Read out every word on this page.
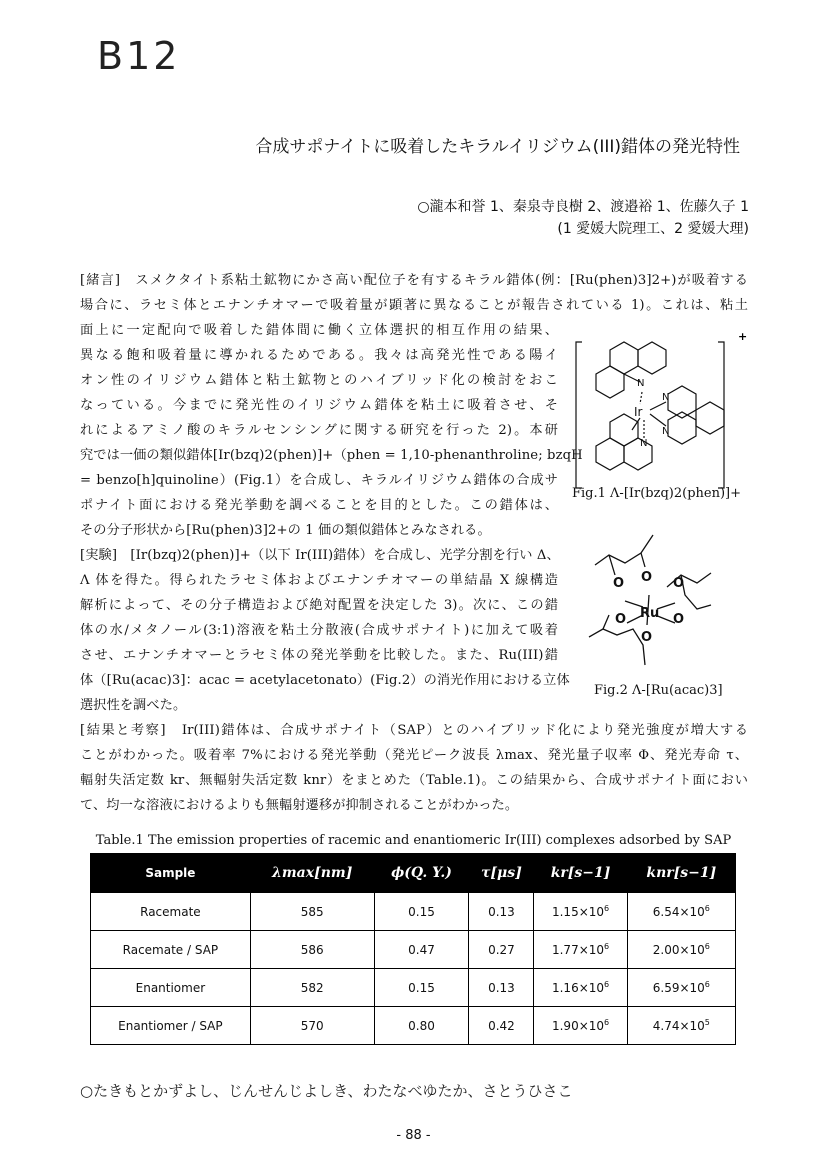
B12
合成サポナイトに吸着したキラルイリジウム(III)錯体の発光特性
○瀧本和誉 1、秦泉寺良樹 2、渡邉裕 1、佐藤久子 1
(1 愛媛大院理工、2 愛媛大理)
[緒言]　スメクタイト系粘土鉱物にかさ高い配位子を有するキラル錯体(例：[Ru(phen)3]2+)が吸着する
場合に、ラセミ体とエナンチオマーで吸着量が顕著に異なることが報告されている 1)。これは、粘土
面上に一定配向で吸着した錯体間に働く立体選択的相互作用の結果、
異なる飽和吸着量に導かれるためである。我々は高発光性である陽イ
オン性のイリジウム錯体と粘土鉱物とのハイブリッド化の検討をおこ
なっている。今までに発光性のイリジウム錯体を粘土に吸着させ、そ
れによるアミノ酸のキラルセンシングに関する研究を行った 2)。本研
究では一価の類似錯体[Ir(bzq)2(phen)]+（phen = 1,10-phenanthroline; bzqH
= benzo[h]quinoline）(Fig.1）を合成し、キラルイリジウム錯体の合成サ
ポナイト面における発光挙動を調べることを目的とした。この錯体は、
その分子形状から[Ru(phen)3]2+の 1 価の類似錯体とみなされる。
[実験]　[Ir(bzq)2(phen)]+（以下 Ir(III)錯体）を合成し、光学分割を行い Δ、
Λ 体を得た。得られたラセミ体およびエナンチオマーの単結晶 X 線構造
解析によって、その分子構造および絶対配置を決定した 3)。次に、この錯
体の水/メタノール(3:1)溶液を粘土分散液(合成サポナイト)に加えて吸着
させ、エナンチオマーとラセミ体の発光挙動を比較した。また、Ru(III)錯
体（[Ru(acac)3]：acac = acetylacetonato）(Fig.2）の消光作用における立体
選択性を調べた。
[結果と考察]　Ir(III)錯体は、合成サポナイト（SAP）とのハイブリッド化により発光強度が増大する
ことがわかった。吸着率 7%における発光挙動（発光ピーク波長 λmax、発光量子収率 Φ、発光寿命 τ、
輻射失活定数 kr、無輻射失活定数 knr）をまとめた（Table.1)。この結果から、合成サポナイト面におい
て、均一な溶液におけるよりも無輻射遷移が抑制されることがわかった。
+
Ir
N
N
N
N
Fig.1 Λ-[Ir(bzq)2(phen)]+
Ru
O
O	O
O
O
O
Fig.2 Λ-[Ru(acac)3]
Table.1 The emission properties of racemic and enantiomeric Ir(III) complexes adsorbed by SAP
Sample	λmax[nm]	ϕ(Q. Y.)	τ[μs]	kr[s−1]	knr[s−1]
Racemate	585	0.15	0.13	$1.15\times 10^6$	$6.54\times 10^6$
Racemate / SAP	586	0.47	0.27	$1.77\times 10^6$	$2.00\times 10^6$
Enantiomer	582	0.15	0.13	$1.16\times 10^6$	$6.59\times 10^6$
Enantiomer / SAP	570	0.80	0.42	$1.90\times 10^6$	$4.74\times 10^5$
○たきもとかずよし、じんせんじよしき、わたなべゆたか、さとうひさこ
- 88 -
